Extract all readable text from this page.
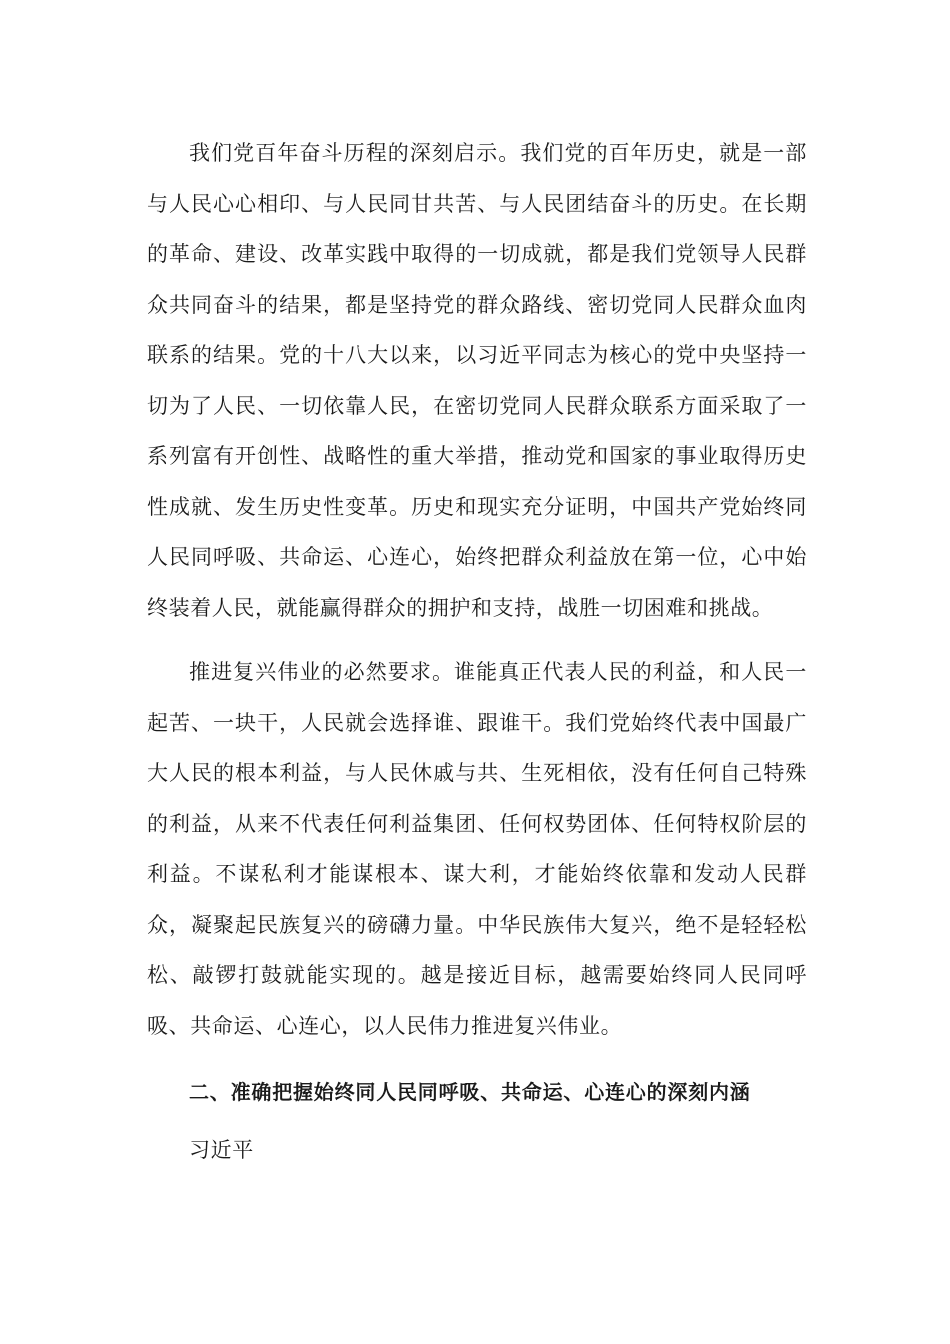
我们党百年奋斗历程的深刻启示。我们党的百年历史，就是一部与人民心心相印、与人民同甘共苦、与人民团结奋斗的历史。在长期的革命、建设、改革实践中取得的一切成就，都是我们党领导人民群众共同奋斗的结果，都是坚持党的群众路线、密切党同人民群众血肉联系的结果。党的十八大以来，以习近平同志为核心的党中央坚持一切为了人民、一切依靠人民，在密切党同人民群众联系方面采取了一系列富有开创性、战略性的重大举措，推动党和国家的事业取得历史性成就、发生历史性变革。历史和现实充分证明，中国共产党始终同人民同呼吸、共命运、心连心，始终把群众利益放在第一位，心中始终装着人民，就能赢得群众的拥护和支持，战胜一切困难和挑战。

推进复兴伟业的必然要求。谁能真正代表人民的利益，和人民一起苦、一块干，人民就会选择谁、跟谁干。我们党始终代表中国最广大人民的根本利益，与人民休戚与共、生死相依，没有任何自己特殊的利益，从来不代表任何利益集团、任何权势团体、任何特权阶层的利益。不谋私利才能谋根本、谋大利，才能始终依靠和发动人民群众，凝聚起民族复兴的磅礴力量。中华民族伟大复兴，绝不是轻轻松松、敲锣打鼓就能实现的。越是接近目标，越需要始终同人民同呼吸、共命运、心连心，以人民伟力推进复兴伟业。

二、准确把握始终同人民同呼吸、共命运、心连心的深刻内涵

习近平
